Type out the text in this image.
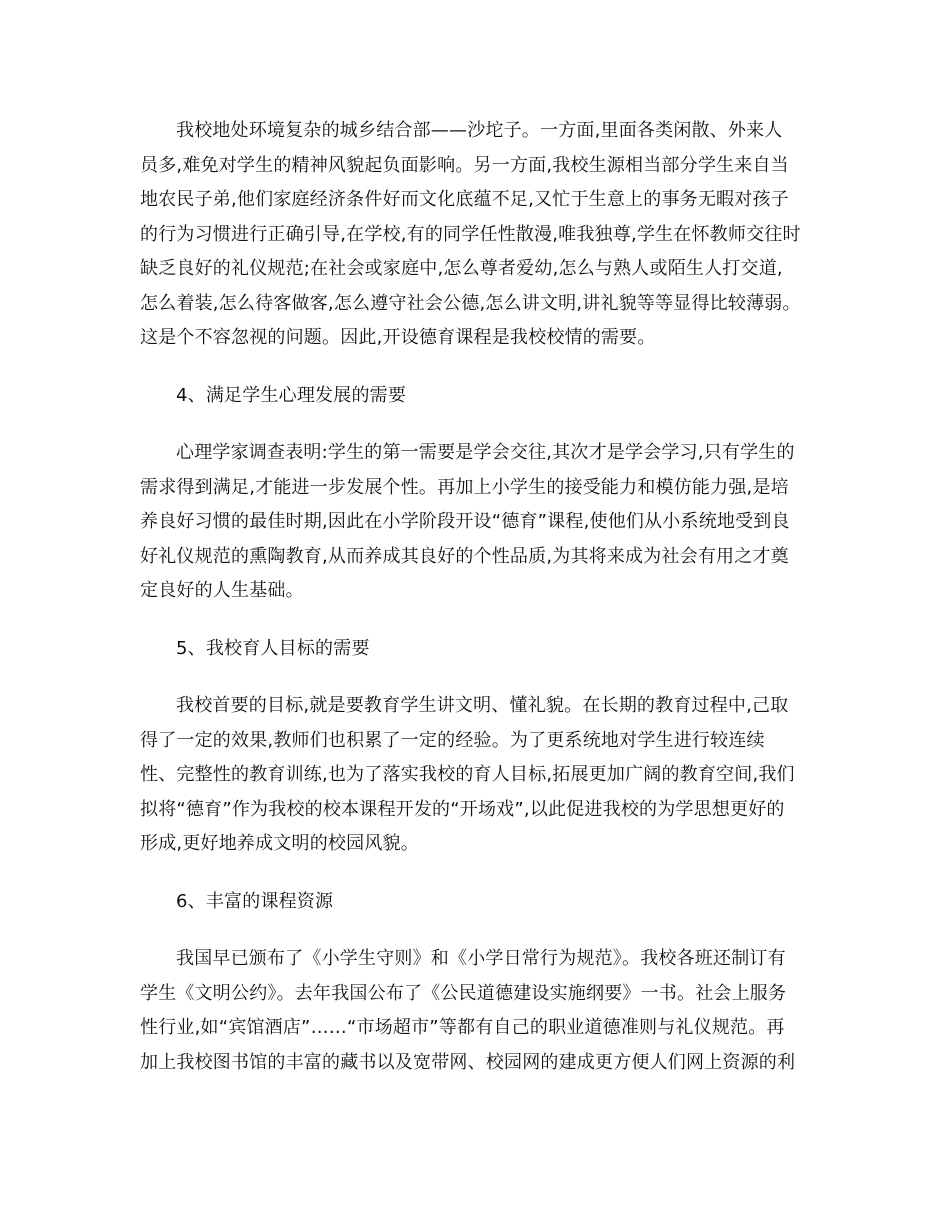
我校地处环境复杂的城乡结合部——沙坨子。一方面,里面各类闲散、外来人
员多,难免对学生的精神风貌起负面影响。另一方面,我校生源相当部分学生来自当
地农民子弟,他们家庭经济条件好而文化底蕴不足,又忙于生意上的事务无暇对孩子
的行为习惯进行正确引导,在学校,有的同学任性散漫,唯我独尊,学生在怀教师交往时
缺乏良好的礼仪规范;在社会或家庭中,怎么尊者爱幼,怎么与熟人或陌生人打交道,
怎么着装,怎么待客做客,怎么遵守社会公德,怎么讲文明,讲礼貌等等显得比较薄弱。
这是个不容忽视的问题。因此,开设德育课程是我校校情的需要。

4、满足学生心理发展的需要

心理学家调查表明:学生的第一需要是学会交往,其次才是学会学习,只有学生的
需求得到满足,才能进一步发展个性。再加上小学生的接受能力和模仿能力强,是培
养良好习惯的最佳时期,因此在小学阶段开设“德育”课程,使他们从小系统地受到良
好礼仪规范的熏陶教育,从而养成其良好的个性品质,为其将来成为社会有用之才奠
定良好的人生基础。

5、我校育人目标的需要

我校首要的目标,就是要教育学生讲文明、懂礼貌。在长期的教育过程中,己取
得了一定的效果,教师们也积累了一定的经验。为了更系统地对学生进行较连续
性、完整性的教育训练,也为了落实我校的育人目标,拓展更加广阔的教育空间,我们
拟将“德育”作为我校的校本课程开发的“开场戏”,以此促进我校的为学思想更好的
形成,更好地养成文明的校园风貌。

6、丰富的课程资源

我国早已颁布了《小学生守则》和《小学日常行为规范》。我校各班还制订有
学生《文明公约》。去年我国公布了《公民道德建设实施纲要》一书。社会上服务
性行业,如“宾馆酒店”……“市场超市”等都有自己的职业道德准则与礼仪规范。再
加上我校图书馆的丰富的藏书以及宽带网、校园网的建成更方便人们网上资源的利
